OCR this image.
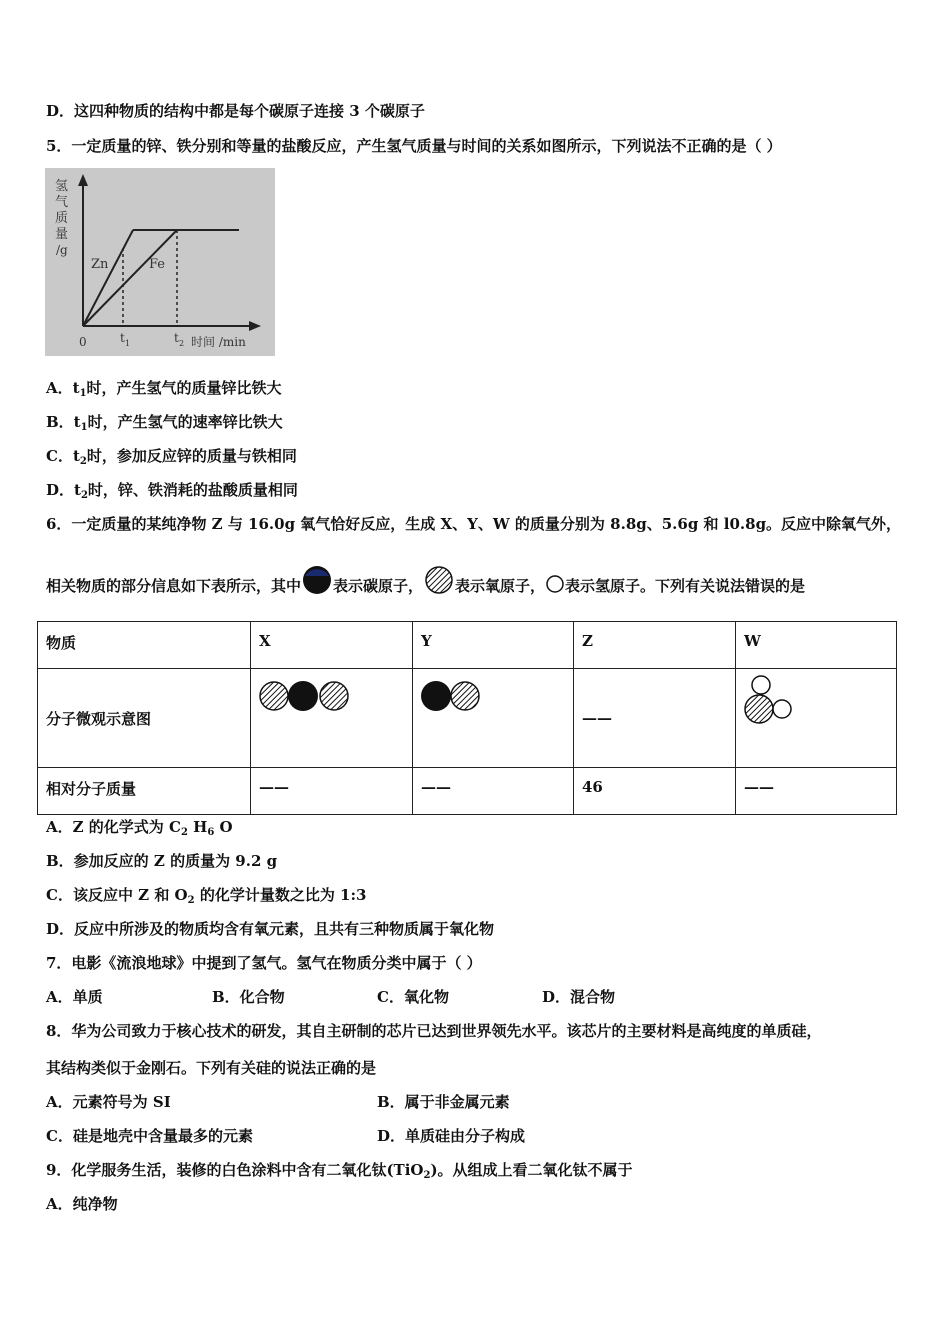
D．这四种物质的结构中都是每个碳原子连接 3 个碳原子
5．一定质量的锌、铁分别和等量的盐酸反应，产生氢气质量与时间的关系如图所示，下列说法不正确的是（ ）
氢
气
质
量
/g
Zn	Fe
0	t 1	t 2 时间 /min
A．$t_1$时，产生氢气的质量锌比铁大
B．$t_1$时，产生氢气的速率锌比铁大
C．$t_2$时，参加反应锌的质量与铁相同
D．$t_2$时，锌、铁消耗的盐酸质量相同
6．一定质量的某纯净物 Z 与 16.0g 氧气恰好反应，生成 X、Y、W 的质量分别为 8.8g、5.6g 和 l0.8g。反应中除氧气外，
相关物质的部分信息如下表所示，其中 表示碳原子， 表示氧原子， 表示氢原子。下列有关说法错误的是
物质	X	Y	Z	W
分子微观示意图			——	
相对分子质量	——	——	46	——
A．Z 的化学式为 $C_2$ $H_6$ O
B．参加反应的 Z 的质量为 9.2 g
C．该反应中 Z 和 $O_2$ 的化学计量数之比为 1:3
D．反应中所涉及的物质均含有氧元素，且共有三种物质属于氧化物
7．电影《流浪地球》中提到了氢气。氢气在物质分类中属于（ ）
A．单质	B．化合物	C．氧化物	D．混合物
8．华为公司致力于核心技术的研发，其自主研制的芯片已达到世界领先水平。该芯片的主要材料是高纯度的单质硅，
其结构类似于金刚石。下列有关硅的说法正确的是
A．元素符号为 SI	B．属于非金属元素
C．硅是地壳中含量最多的元素	D．单质硅由分子构成
9．化学服务生活，装修的白色涂料中含有二氧化钛(TiO$_2$)。从组成上看二氧化钛不属于
A．纯净物
